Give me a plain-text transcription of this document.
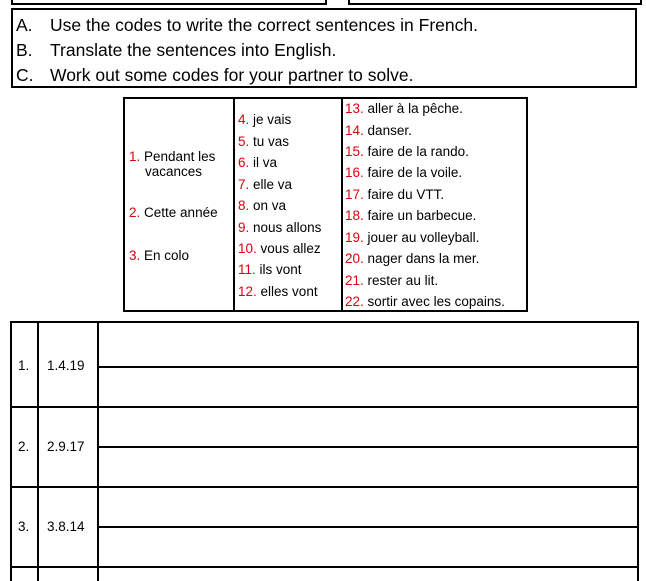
A. Use the codes to write the correct sentences in French.
B. Translate the sentences into English.
C. Work out some codes for your partner to solve.
1. Pendant les
vacances
2. Cette année
3. En colo
4. je vais
5. tu vas
6. il va
7. elle va
8. on va
9. nous allons
10. vous allez
11. ils vont
12. elles vont
13. aller à la pêche.
14. danser.
15. faire de la rando.
16. faire de la voile.
17. faire du VTT.
18. faire un barbecue.
19. jouer au volleyball.
20. nager dans la mer.
21. rester au lit.
22. sortir avec les copains.
1. 1.4.19
2. 2.9.17
3. 3.8.14
